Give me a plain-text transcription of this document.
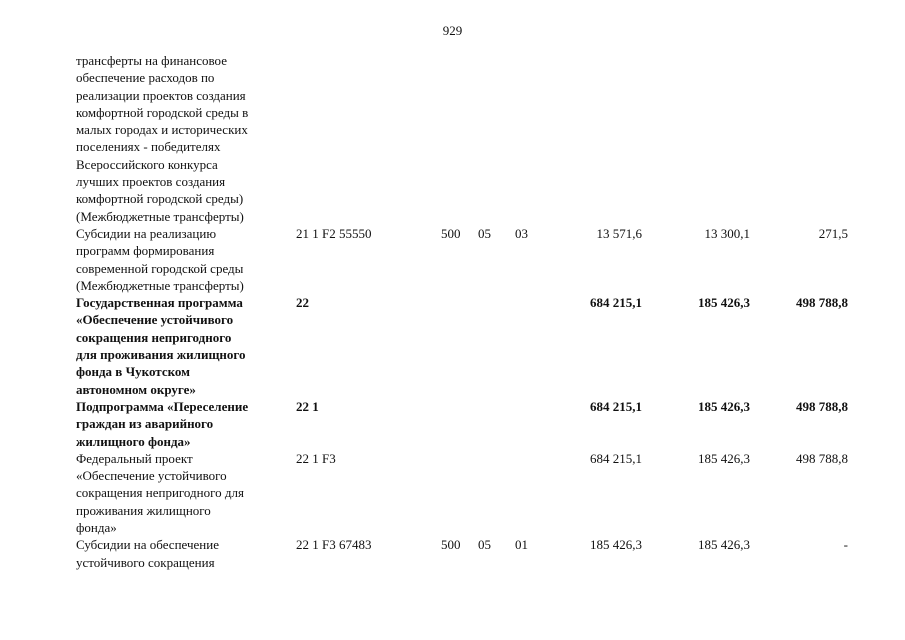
929
трансферты на финансовое
обеспечение расходов по
реализации проектов создания
комфортной городской среды в
малых городах и исторических
поселениях - победителях
Всероссийского конкурса
лучших проектов создания
комфортной городской среды)
(Межбюджетные трансферты)
Субсидии на реализацию
программ формирования
современной городской среды
(Межбюджетные трансферты)
21 1 F2 55550	500 05 03	13 571,6	13 300,1	271,5
Государственная программа
«Обеспечение устойчивого
сокращения непригодного
для проживания жилищного
фонда в Чукотском
автономном округе»
22	684 215,1	185 426,3	498 788,8
Подпрограмма «Переселение
граждан из аварийного
жилищного фонда»
22 1	684 215,1	185 426,3	498 788,8
Федеральный проект
«Обеспечение устойчивого
сокращения непригодного для
проживания жилищного
фонда»
22 1 F3	684 215,1	185 426,3	498 788,8
Субсидии на обеспечение
устойчивого сокращения
22 1 F3 67483	500 05 01	185 426,3	185 426,3	-
